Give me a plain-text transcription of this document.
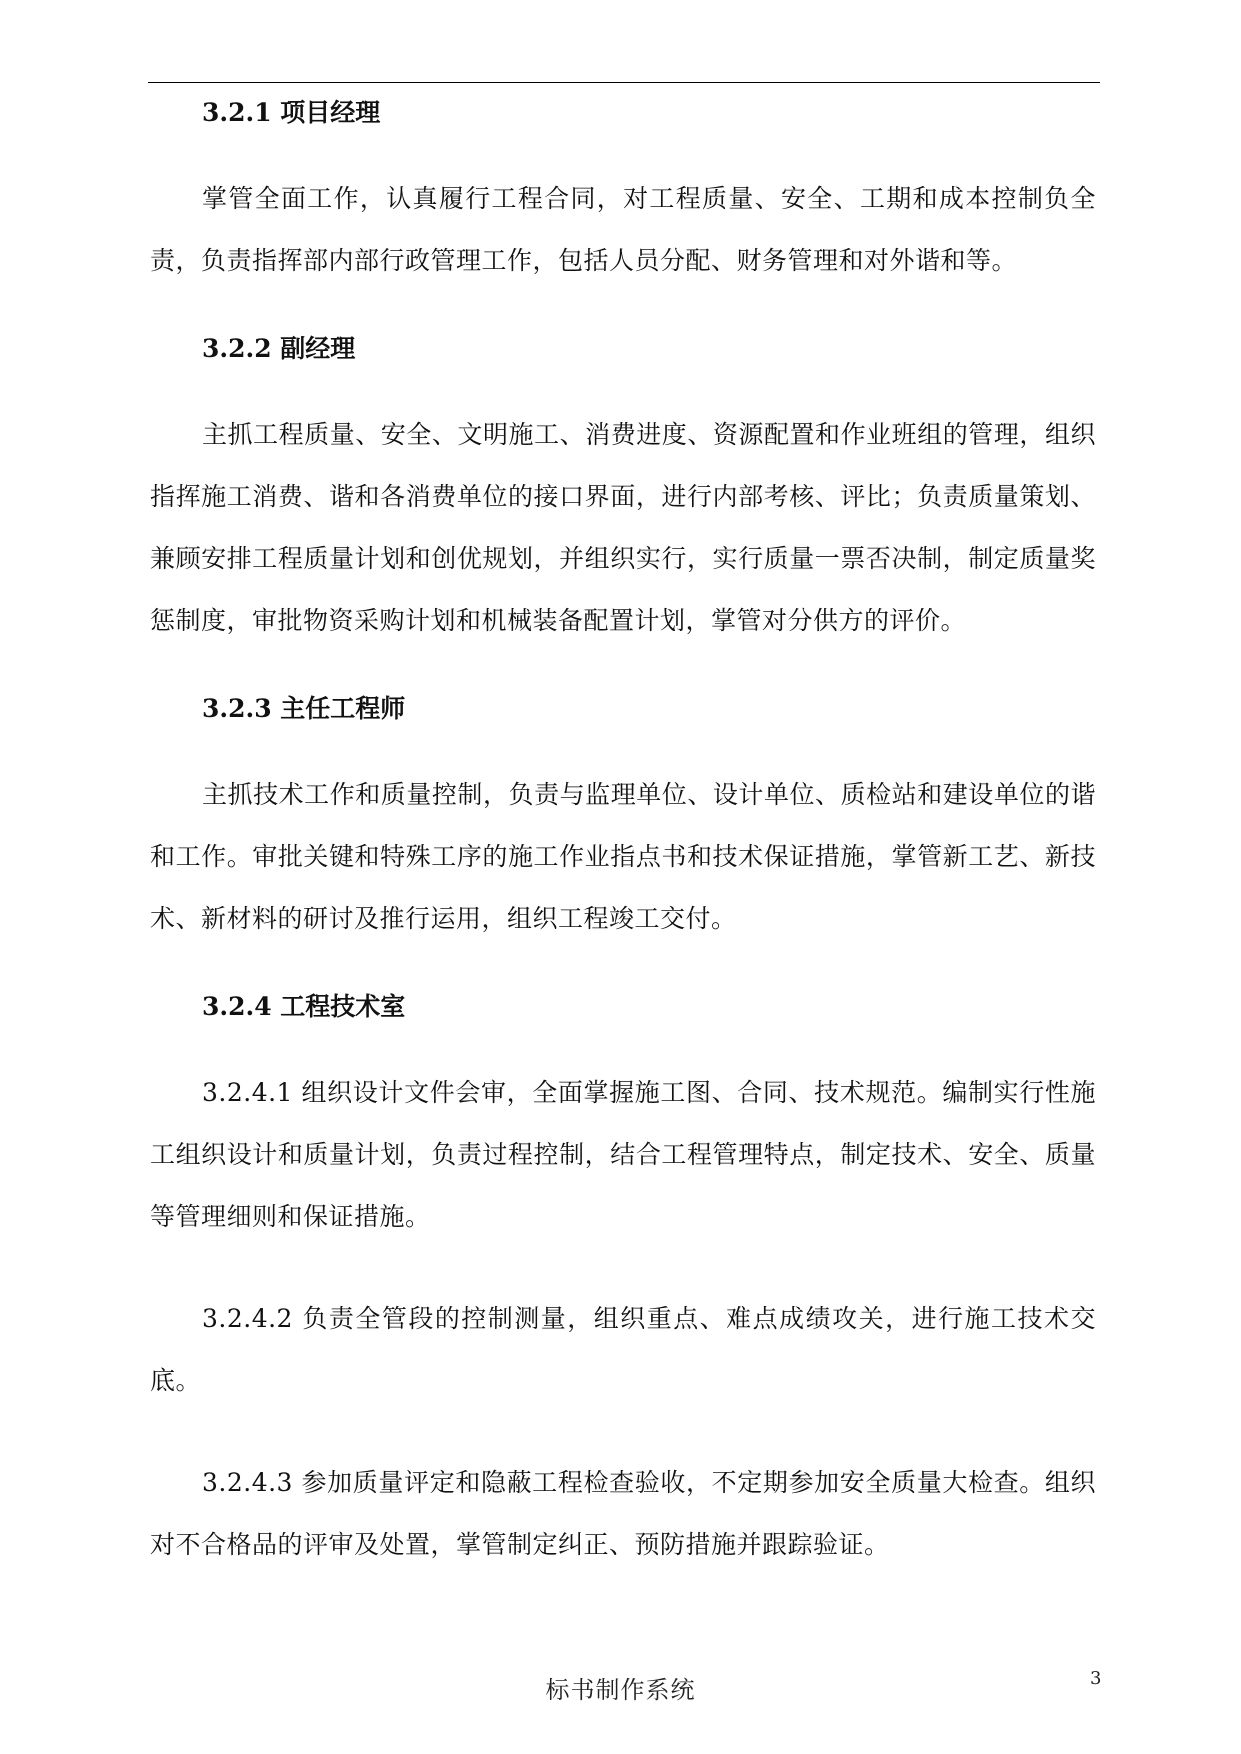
3.2.1 项目经理

掌管全面工作，认真履行工程合同，对工程质量、安全、工期和成本控制负全责，负责指挥部内部行政管理工作，包括人员分配、财务管理和对外谐和等。

3.2.2 副经理

主抓工程质量、安全、文明施工、消费进度、资源配置和作业班组的管理，组织指挥施工消费、谐和各消费单位的接口界面，进行内部考核、评比；负责质量策划、兼顾安排工程质量计划和创优规划，并组织实行，实行质量一票否决制，制定质量奖惩制度，审批物资采购计划和机械装备配置计划，掌管对分供方的评价。

3.2.3 主任工程师

主抓技术工作和质量控制，负责与监理单位、设计单位、质检站和建设单位的谐和工作。审批关键和特殊工序的施工作业指点书和技术保证措施，掌管新工艺、新技术、新材料的研讨及推行运用，组织工程竣工交付。

3.2.4 工程技术室

3.2.4.1 组织设计文件会审，全面掌握施工图、合同、技术规范。编制实行性施工组织设计和质量计划，负责过程控制，结合工程管理特点，制定技术、安全、质量等管理细则和保证措施。

3.2.4.2 负责全管段的控制测量，组织重点、难点成绩攻关，进行施工技术交底。

3.2.4.3 参加质量评定和隐蔽工程检查验收，不定期参加安全质量大检查。组织对不合格品的评审及处置，掌管制定纠正、预防措施并跟踪验证。

标书制作系统	3
